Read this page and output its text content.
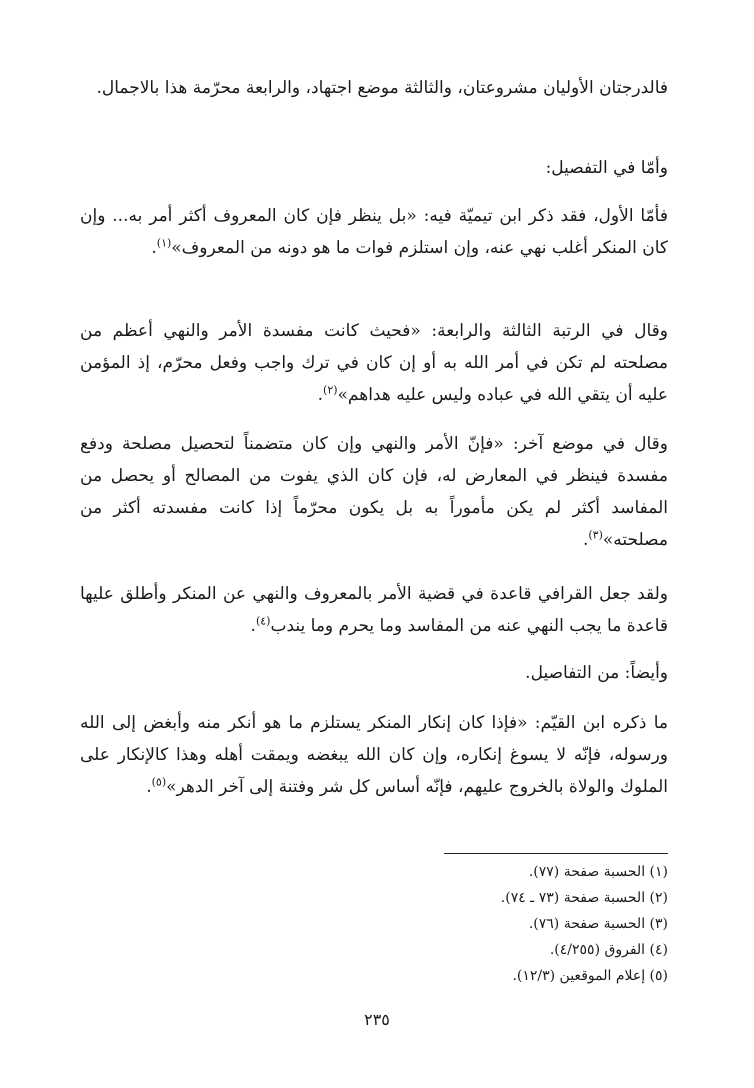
فالدرجتان الأوليان مشروعتان، والثالثة موضع اجتهاد، والرابعة محرّمة هذا بالاجمال.

وأمّا في التفصيل:

فأمّا الأول، فقد ذكر ابن تيميّة فيه: «بل ينظر فإن كان المعروف أكثر أمر به... وإن كان المنكر أغلب نهي عنه، وإن استلزم فوات ما هو دونه من المعروف»$^{(١)}$.

وقال في الرتبة الثالثة والرابعة: «فحيث كانت مفسدة الأمر والنهي أعظم من مصلحته لم تكن في أمر الله به أو إن كان في ترك واجب وفعل محرّم، إذ المؤمن عليه أن يتقي الله في عباده وليس عليه هداهم»$^{(٢)}$.

وقال في موضع آخر: «فإنّ الأمر والنهي وإن كان متضمناً لتحصيل مصلحة ودفع مفسدة فينظر في المعارض له، فإن كان الذي يفوت من المصالح أو يحصل من المفاسد أكثر لم يكن مأموراً به بل يكون محرّماً إذا كانت مفسدته أكثر من مصلحته»$^{(٣)}$.

ولقد جعل القرافي قاعدة في قضية الأمر بالمعروف والنهي عن المنكر وأطلق عليها قاعدة ما يجب النهي عنه من المفاسد وما يحرم وما يندب$^{(٤)}$.

وأيضاً: من التفاصيل.

ما ذكره ابن القيّم: «فإذا كان إنكار المنكر يستلزم ما هو أنكر منه وأبغض إلى الله ورسوله، فإنّه لا يسوغ إنكاره، وإن كان الله يبغضه ويمقت أهله وهذا كالإنكار على الملوك والولاة بالخروج عليهم، فإنّه أساس كل شر وفتنة إلى آخر الدهر»$^{(٥)}$.

(١) الحسبة صفحة (٧٧).
(٢) الحسبة صفحة (٧٣ ـ ٧٤).
(٣) الحسبة صفحة (٧٦).
(٤) الفروق (٤/٢٥٥).
(٥) إعلام الموقعين (١٢/٣).
٢٣٥
